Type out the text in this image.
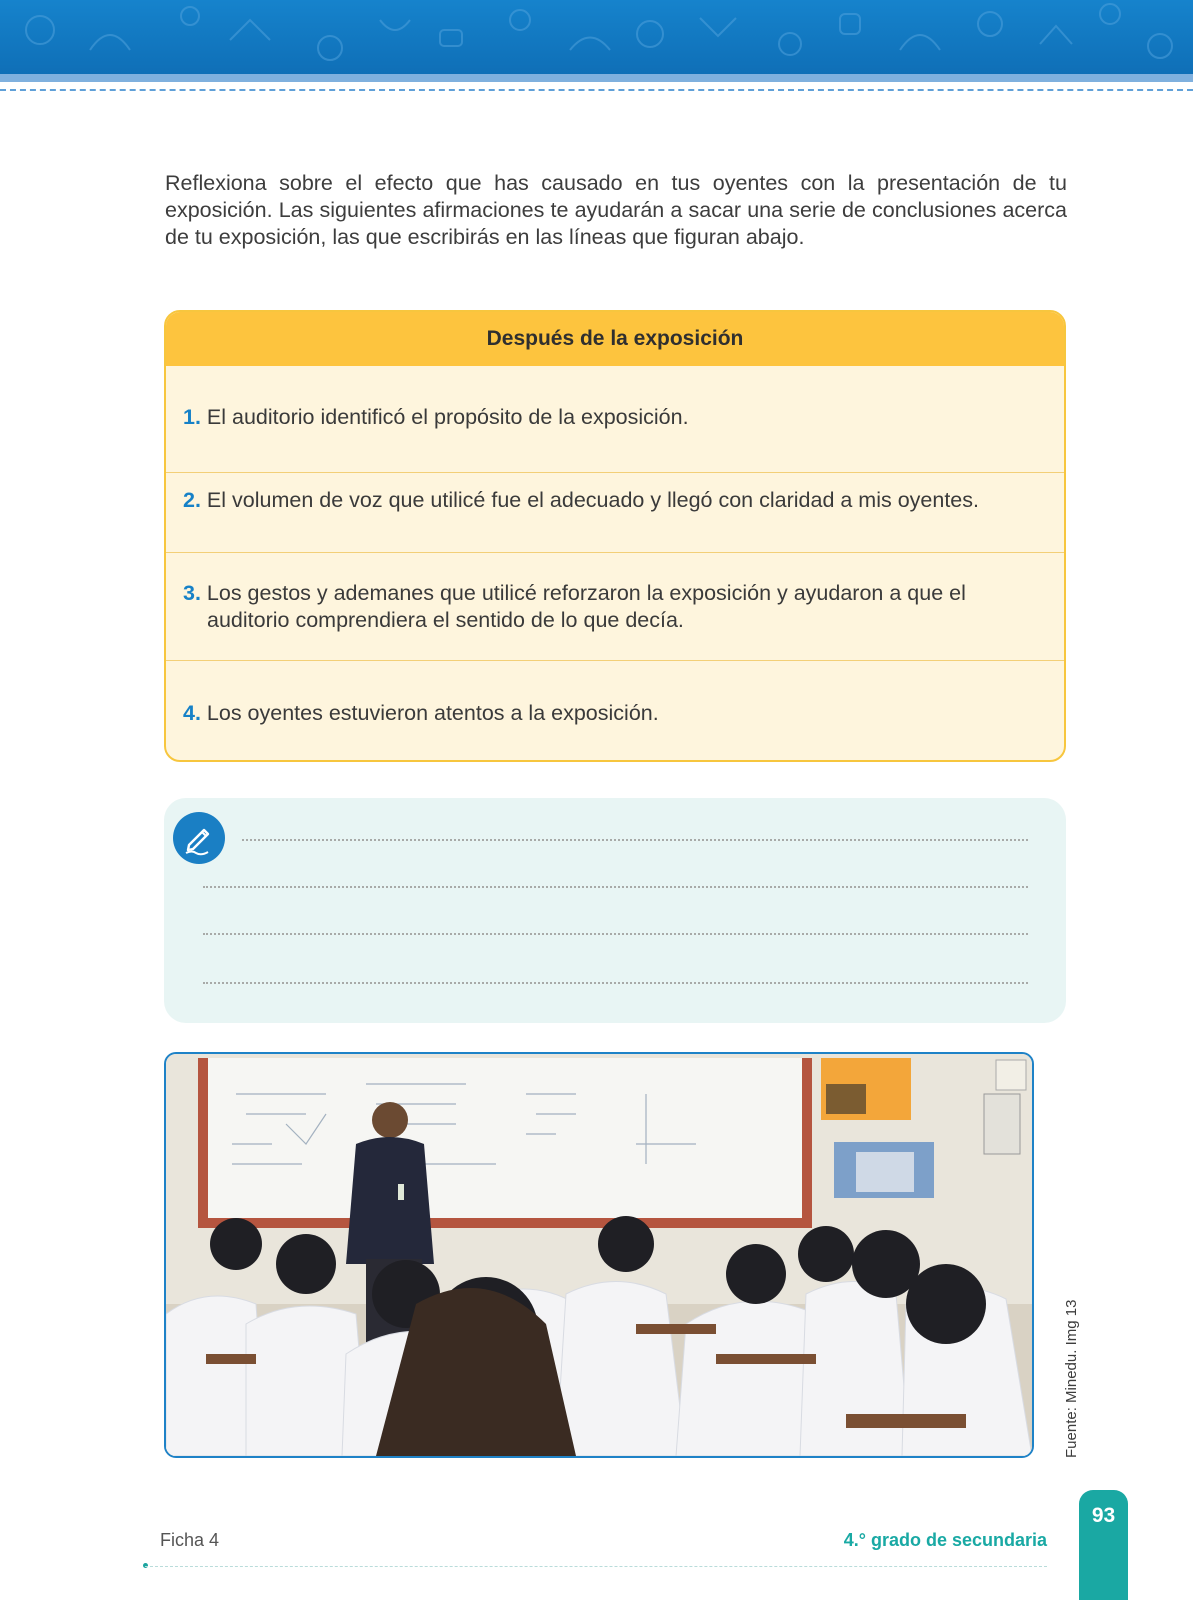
Reflexiona sobre el efecto que has causado en tus oyentes con la presentación de tu exposición. Las siguientes afirmaciones te ayudarán a sacar una serie de conclusiones acerca de tu exposición, las que escribirás en las líneas que figuran abajo.

Después de la exposición
1. El auditorio identificó el propósito de la exposición.
2. El volumen de voz que utilicé fue el adecuado y llegó con claridad a mis oyentes.
3. Los gestos y ademanes que utilicé reforzaron la exposición y ayudaron a que el auditorio comprendiera el sentido de lo que decía.
4. Los oyentes estuvieron atentos a la exposición.
Fuente: Minedu. Img 13
Ficha 4	4.° grado de secundaria
93
